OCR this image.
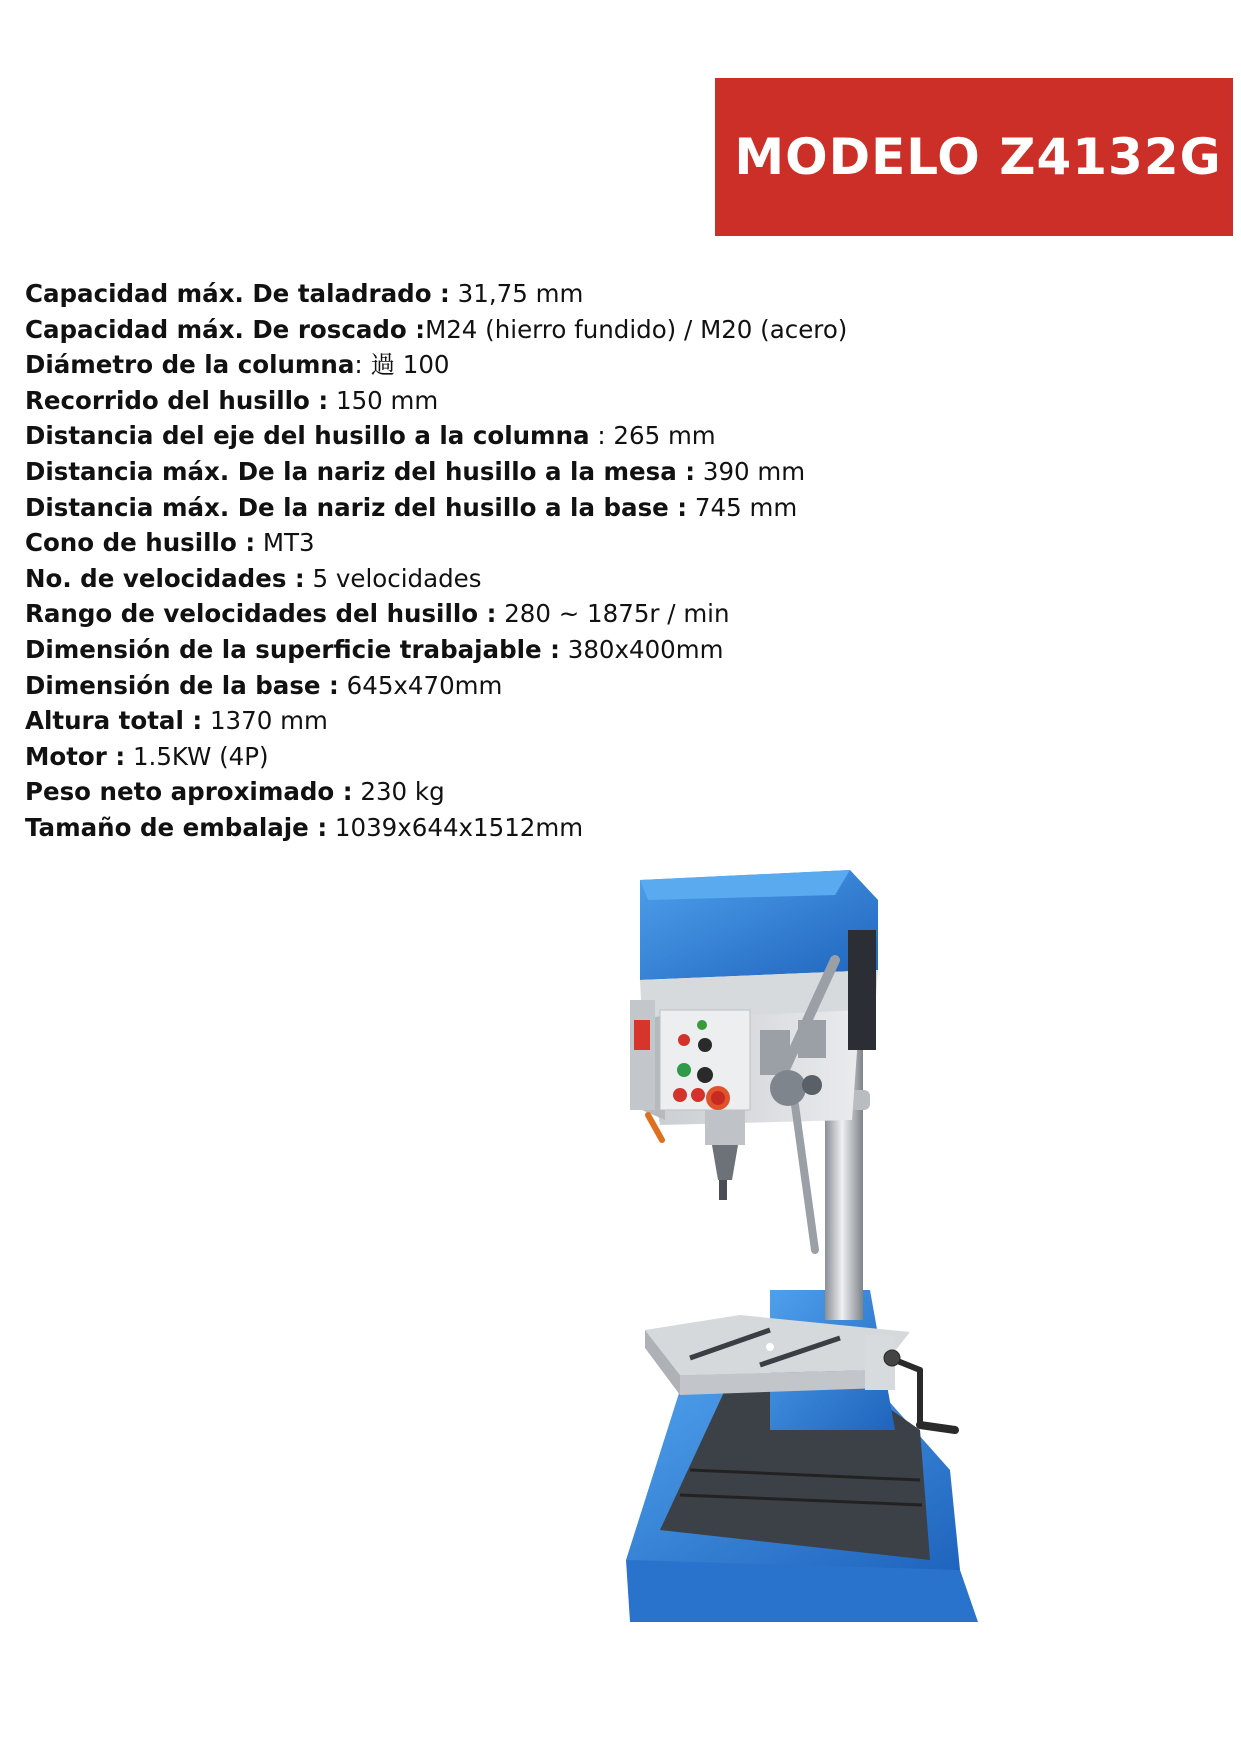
MODELO Z4132G
Capacidad máx. De taladrado : 31,75 mm
Capacidad máx. De roscado :M24 (hierro fundido) / M20 (acero)
Diámetro de la columna: 過 100
Recorrido del husillo : 150 mm
Distancia del eje del husillo a la columna : 265 mm
Distancia máx. De la nariz del husillo a la mesa : 390 mm
Distancia máx. De la nariz del husillo a la base : 745 mm
Cono de husillo : MT3
No. de velocidades : 5 velocidades
Rango de velocidades del husillo : 280 ~ 1875r / min
Dimensión de la superficie trabajable : 380x400mm
Dimensión de la base : 645x470mm
Altura total : 1370 mm
Motor : 1.5KW (4P)
Peso neto aproximado : 230 kg
Tamaño de embalaje : 1039x644x1512mm
